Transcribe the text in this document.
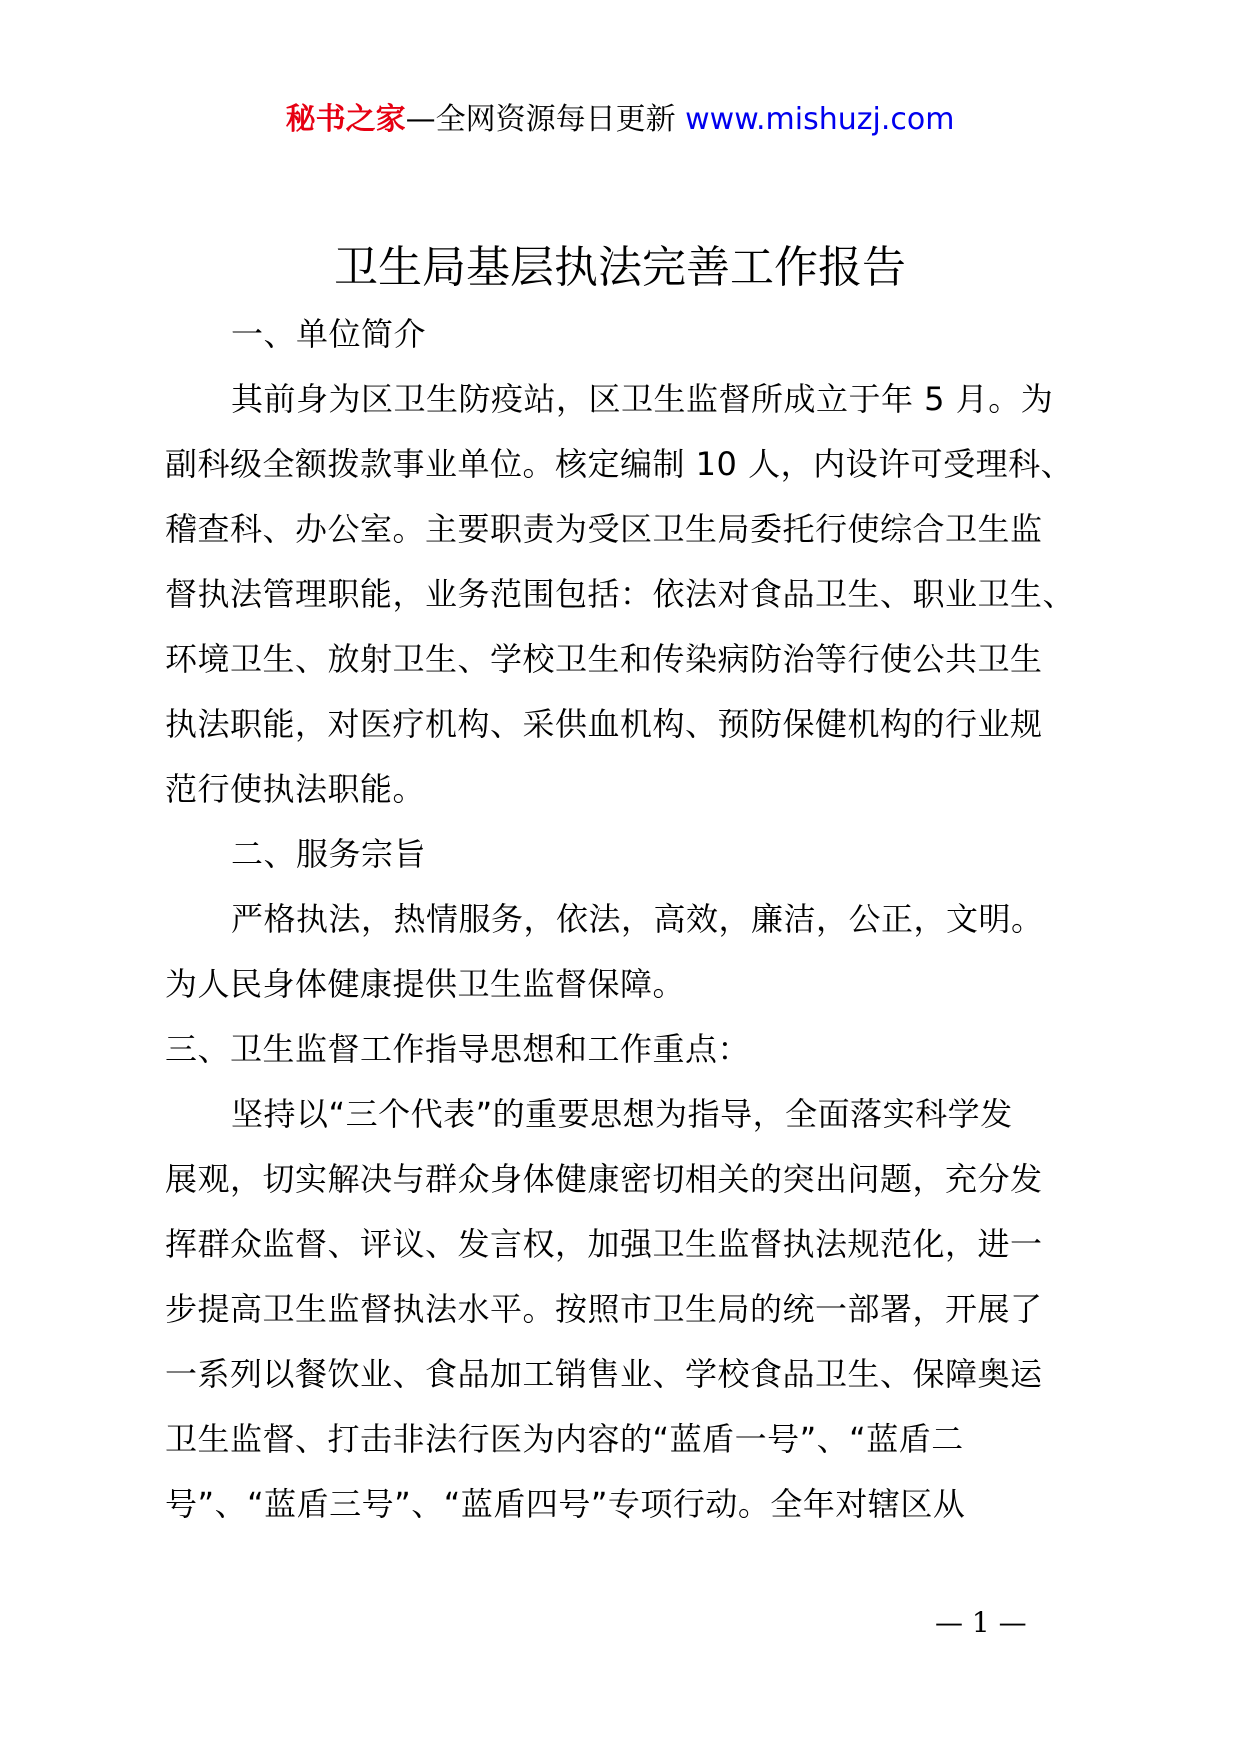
秘书之家—全网资源每日更新 www.mishuzj.com
卫生局基层执法完善工作报告
一、单位简介
其前身为区卫生防疫站，区卫生监督所成立于年 5 月。为
副科级全额拨款事业单位。核定编制 10 人，内设许可受理科、
稽查科、办公室。主要职责为受区卫生局委托行使综合卫生监
督执法管理职能，业务范围包括：依法对食品卫生、职业卫生、
环境卫生、放射卫生、学校卫生和传染病防治等行使公共卫生
执法职能，对医疗机构、采供血机构、预防保健机构的行业规
范行使执法职能。
二、服务宗旨
严格执法，热情服务，依法，高效，廉洁，公正，文明。
为人民身体健康提供卫生监督保障。
三、卫生监督工作指导思想和工作重点：
坚持以“三个代表”的重要思想为指导，全面落实科学发
展观，切实解决与群众身体健康密切相关的突出问题，充分发
挥群众监督、评议、发言权，加强卫生监督执法规范化，进一
步提高卫生监督执法水平。按照市卫生局的统一部署，开展了
一系列以餐饮业、食品加工销售业、学校食品卫生、保障奥运
卫生监督、打击非法行医为内容的“蓝盾一号”、“蓝盾二
号”、“蓝盾三号”、“蓝盾四号”专项行动。全年对辖区从
— 1 —
